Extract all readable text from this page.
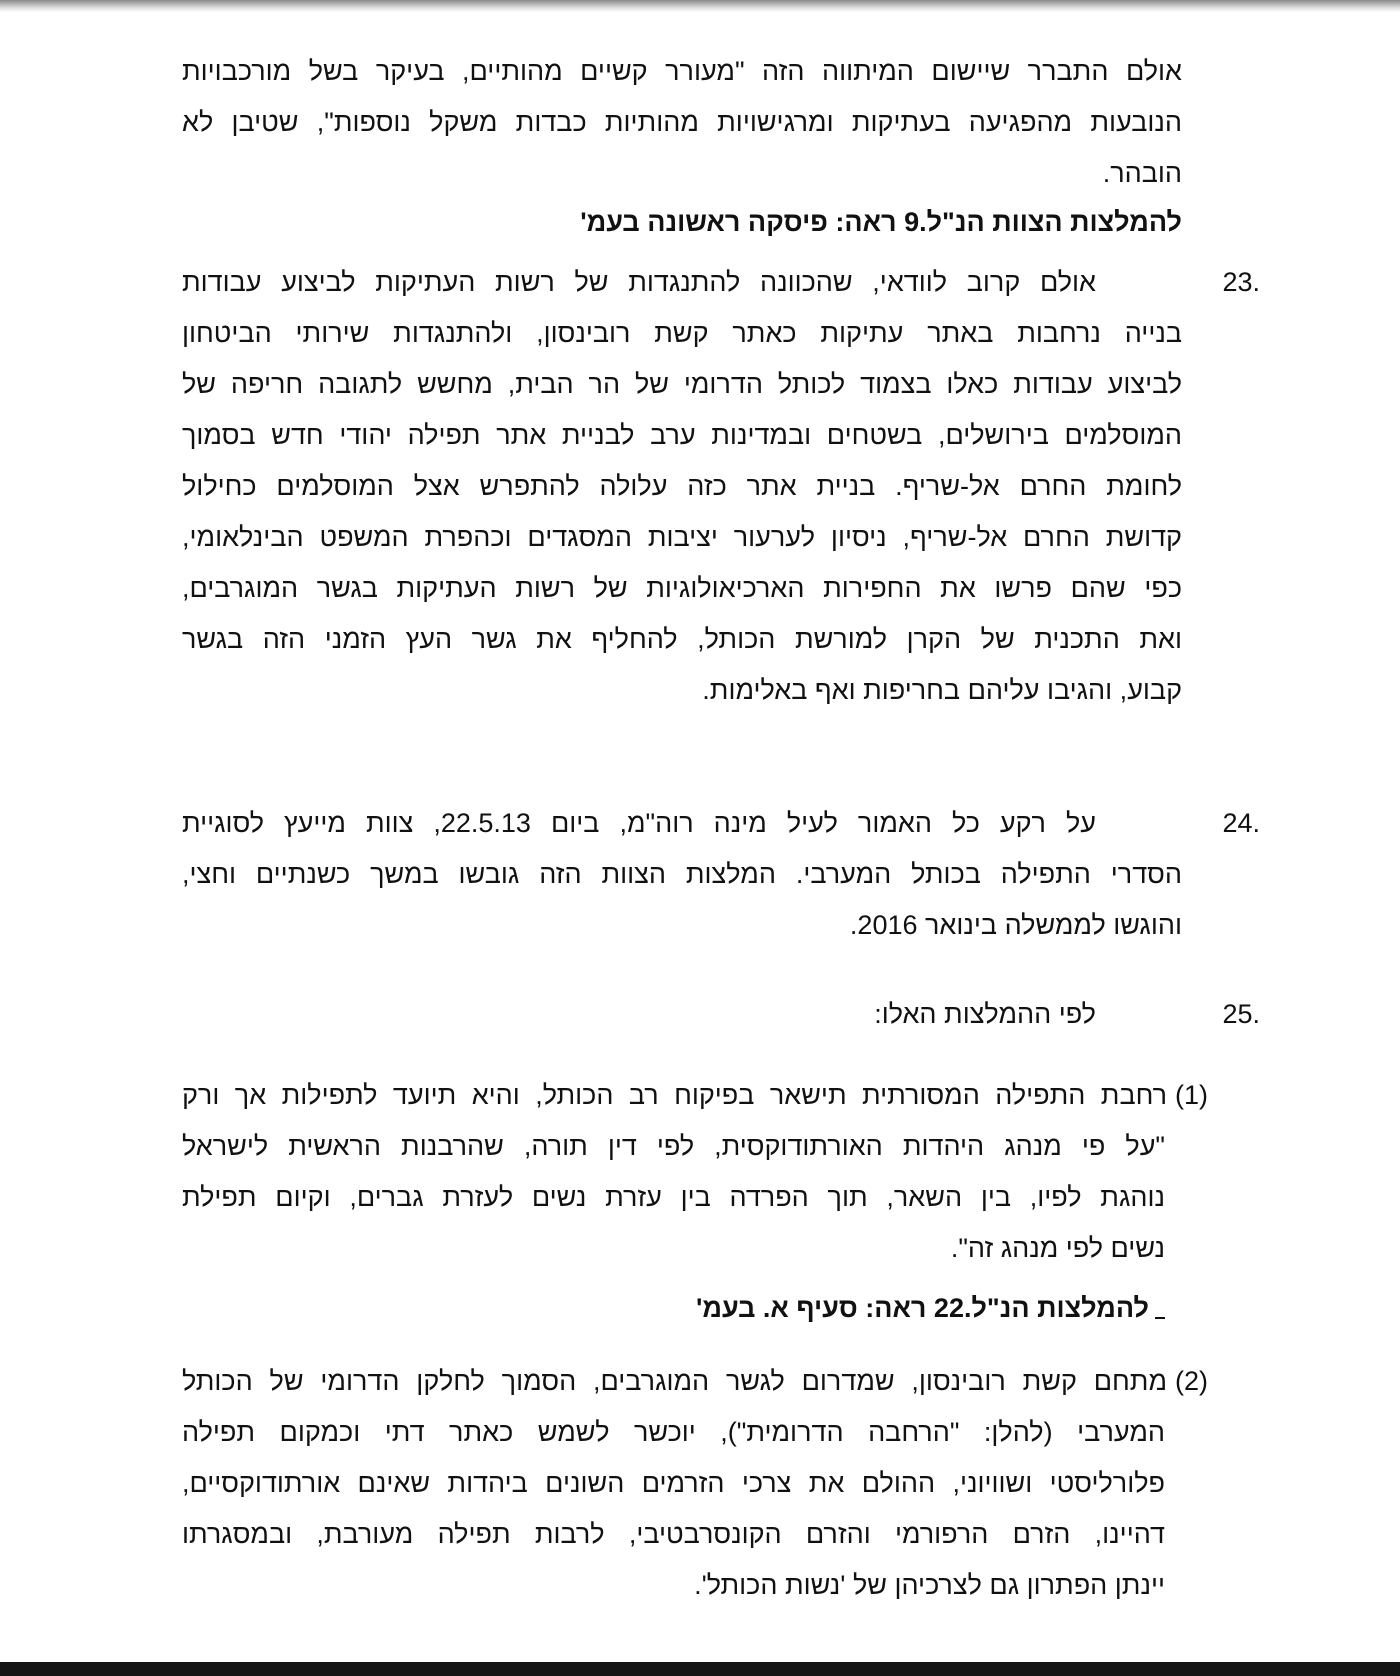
אולם התברר שיישום המיתווה הזה "מעורר קשיים מהותיים, בעיקר בשל מורכבויות
הנובעות מהפגיעה בעתיקות ומרגישויות מהותיות כבדות משקל נוספות", שטיבן לא
הובהר.
להמלצות הצוות הנ"ל.9 ראה: פיסקה ראשונה בעמ'
23.
אולם קרוב לוודאי, שהכוונה להתנגדות של רשות העתיקות לביצוע עבודות
בנייה נרחבות באתר עתיקות כאתר קשת רובינסון, ולהתנגדות שירותי הביטחון
לביצוע עבודות כאלו בצמוד לכותל הדרומי של הר הבית, מחשש לתגובה חריפה של
המוסלמים בירושלים, בשטחים ובמדינות ערב לבניית אתר תפילה יהודי חדש בסמוך
לחומת החרם אל-שריף. בניית אתר כזה עלולה להתפרש אצל המוסלמים כחילול
קדושת החרם אל-שריף, ניסיון לערעור יציבות המסגדים וכהפרת המשפט הבינלאומי,
כפי שהם פרשו את החפירות הארכיאולוגיות של רשות העתיקות בגשר המוגרבים,
ואת התכנית של הקרן למורשת הכותל, להחליף את גשר העץ הזמני הזה בגשר
קבוע, והגיבו עליהם בחריפות ואף באלימות.
24.
על רקע כל האמור לעיל מינה רוה"מ, ביום 22.5.13, צוות מייעץ לסוגיית
הסדרי התפילה בכותל המערבי. המלצות הצוות הזה גובשו במשך כשנתיים וחצי,
והוגשו לממשלה בינואר 2016.
25.
לפי ההמלצות האלו:
(1)
רחבת התפילה המסורתית תישאר בפיקוח רב הכותל, והיא תיועד לתפילות אך ורק
"על פי מנהג היהדות האורתודוקסית, לפי דין תורה, שהרבנות הראשית לישראל
נוהגת לפיו, בין השאר, תוך הפרדה בין עזרת נשים לעזרת גברים, וקיום תפילת
נשים לפי מנהג זה".
להמלצות הנ"ל.22 ראה: סעיף א. בעמ'
(2)
מתחם קשת רובינסון, שמדרום לגשר המוגרבים, הסמוך לחלקן הדרומי של הכותל
המערבי (להלן: "הרחבה הדרומית"), יוכשר לשמש כאתר דתי וכמקום תפילה
פלורליסטי ושוויוני, ההולם את צרכי הזרמים השונים ביהדות שאינם אורתודוקסיים,
דהיינו, הזרם הרפורמי והזרם הקונסרבטיבי, לרבות תפילה מעורבת, ובמסגרתו
יינתן הפתרון גם לצרכיהן של 'נשות הכותל'.
